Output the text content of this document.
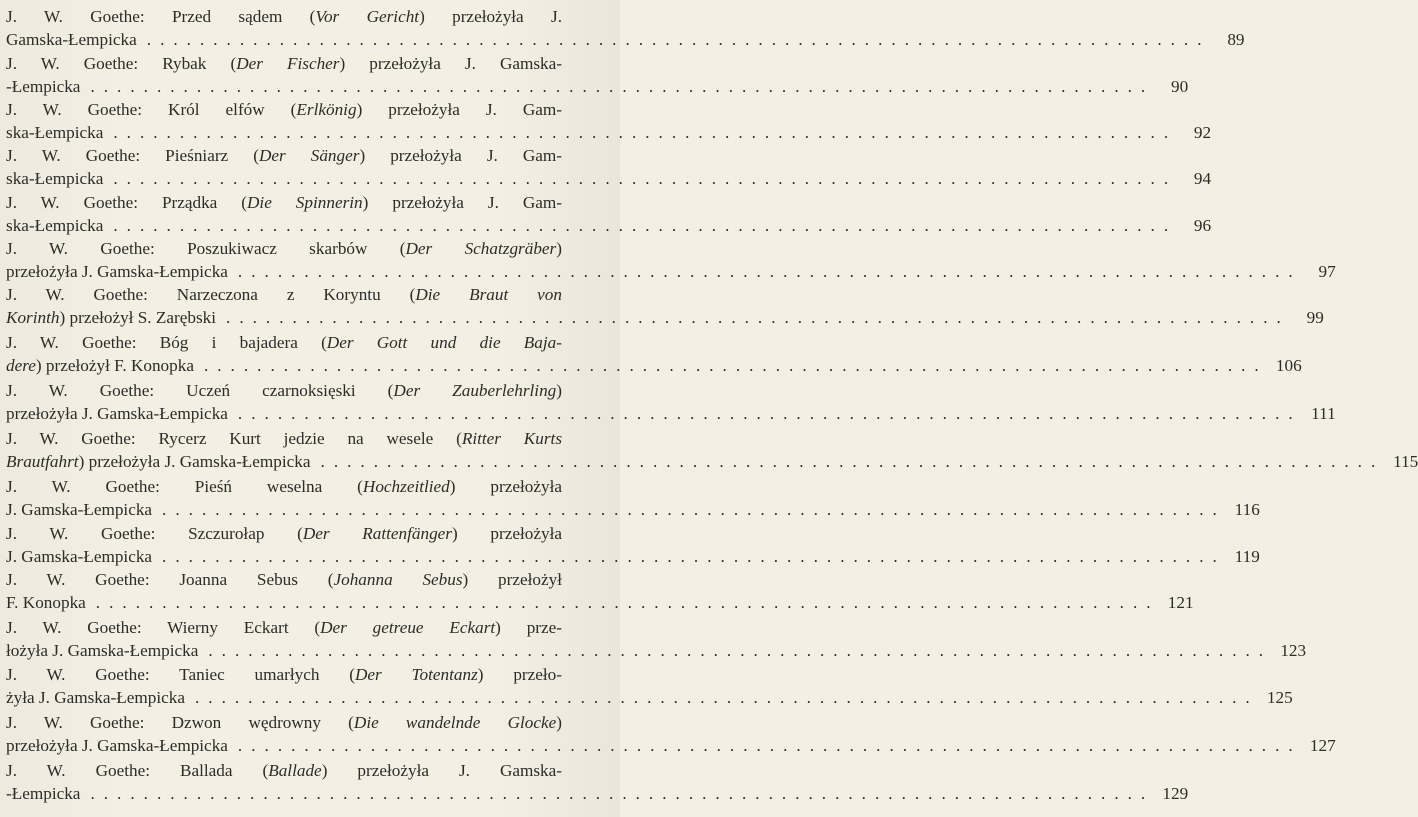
J. W. Goethe: Przed sądem (Vor Gericht) przełożyła J.
Gamska-Łempicka ................................................................................ 89
J. W. Goethe: Rybak (Der Fischer) przełożyła J. Gamska-
-Łempicka ................................................................................ 90
J. W. Goethe: Król elfów (Erlkönig) przełożyła J. Gam-
ska-Łempicka ................................................................................ 92
J. W. Goethe: Pieśniarz (Der Sänger) przełożyła J. Gam-
ska-Łempicka ................................................................................ 94
J. W. Goethe: Prządka (Die Spinnerin) przełożyła J. Gam-
ska-Łempicka ................................................................................ 96
J. W. Goethe: Poszukiwacz skarbów (Der Schatzgräber)
przełożyła J. Gamska-Łempicka ................................................................................ 97
J. W. Goethe: Narzeczona z Koryntu (Die Braut von
Korinth) przełożył S. Zarębski ................................................................................ 99
J. W. Goethe: Bóg i bajadera (Der Gott und die Baja-
dere) przełożył F. Konopka ................................................................................ 106
J. W. Goethe: Uczeń czarnoksięski (Der Zauberlehrling)
przełożyła J. Gamska-Łempicka ................................................................................ 111
J. W. Goethe: Rycerz Kurt jedzie na wesele (Ritter Kurts
Brautfahrt) przełożyła J. Gamska-Łempicka ................................................................................ 115
J. W. Goethe: Pieśń weselna (Hochzeitlied) przełożyła
J. Gamska-Łempicka ................................................................................ 116
J. W. Goethe: Szczurołap (Der Rattenfänger) przełożyła
J. Gamska-Łempicka ................................................................................ 119
J. W. Goethe: Joanna Sebus (Johanna Sebus) przełożył
F. Konopka ................................................................................ 121
J. W. Goethe: Wierny Eckart (Der getreue Eckart) prze-
łożyła J. Gamska-Łempicka ................................................................................ 123
J. W. Goethe: Taniec umarłych (Der Totentanz) przeło-
żyła J. Gamska-Łempicka ................................................................................ 125
J. W. Goethe: Dzwon wędrowny (Die wandelnde Glocke)
przełożyła J. Gamska-Łempicka ................................................................................ 127
J. W. Goethe: Ballada (Ballade) przełożyła J. Gamska-
-Łempicka ................................................................................ 129
